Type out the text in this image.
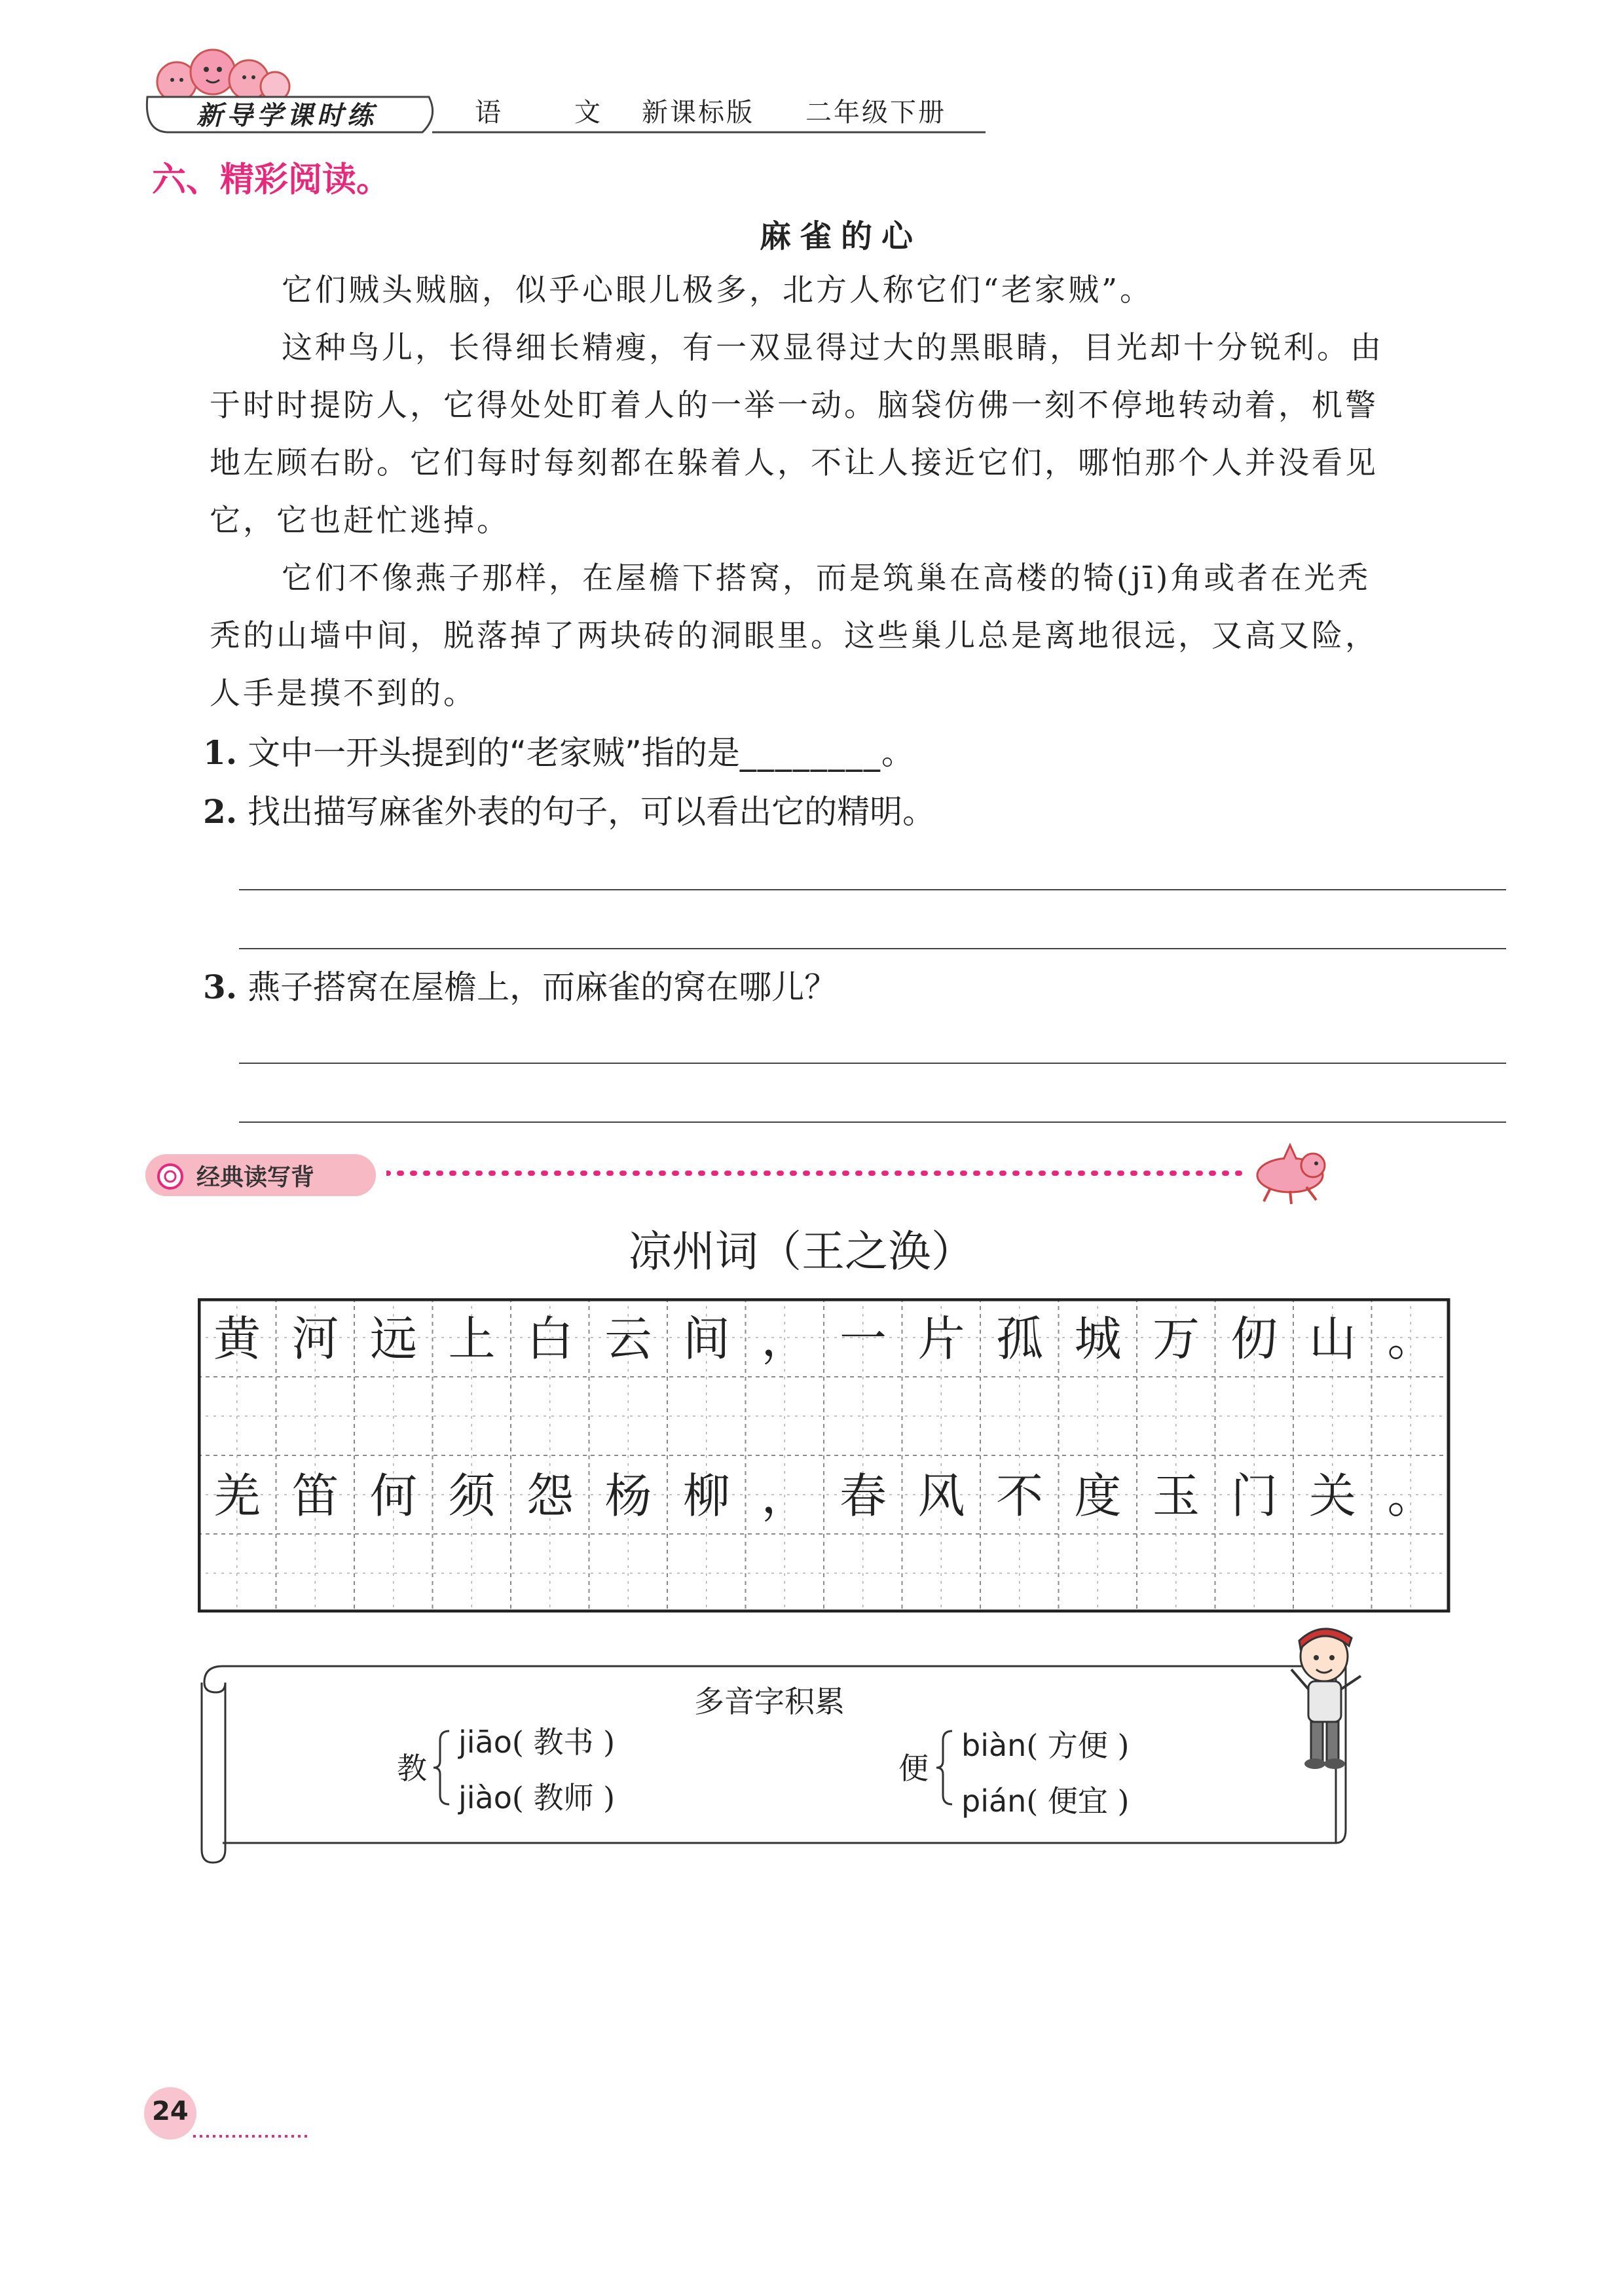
新导学课时练	语	文 新课标版 二年级下册
六、精彩阅读。
麻雀的心
它们贼头贼脑，似乎心眼儿极多，北方人称它们“老家贼”。
这种鸟儿，长得细长精瘦，有一双显得过大的黑眼睛，目光却十分锐利。由
于时时提防人，它得处处盯着人的一举一动。脑袋仿佛一刻不停地转动着，机警
地左顾右盼。它们每时每刻都在躲着人，不让人接近它们，哪怕那个人并没看见
它，它也赶忙逃掉。
它们不像燕子那样，在屋檐下搭窝，而是筑巢在高楼的犄(jī)角或者在光秃
秃的山墙中间，脱落掉了两块砖的洞眼里。这些巢儿总是离地很远，又高又险，
人手是摸不到的。
1. 文中一开头提到的“老家贼”指的是________。
2. 找出描写麻雀外表的句子，可以看出它的精明。
3. 燕子搭窝在屋檐上，而麻雀的窝在哪儿？
经典读写背
凉州词（王之涣）
黄 河 远 上 白 云 间 ， 一 片 孤 城 万 仞 山 。
羌 笛 何 须 怨 杨 柳 ， 春 风 不 度 玉 门 关 。
多音字积累
教
jiāo( 教书 )
jiào( 教师 )
便
biàn( 方便 )
pián( 便宜 )
24
